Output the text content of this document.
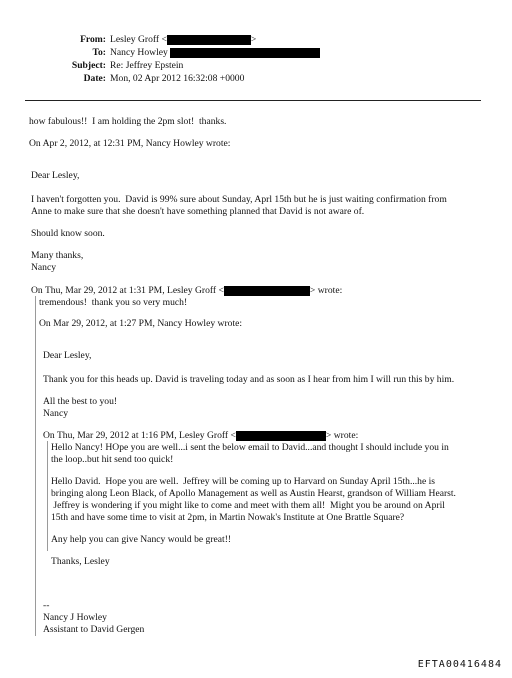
From: Lesley Groff <	>
To: Nancy Howley
Subject: Re: Jeffrey Epstein
Date: Mon, 02 Apr 2012 16:32:08 +0000
how fabulous!!  I am holding the 2pm slot!  thanks.
On Apr 2, 2012, at 12:31 PM, Nancy Howley wrote:
Dear Lesley,
I haven't forgotten you.  David is 99% sure about Sunday, Aprl 15th but he is just waiting confirmation from
Anne to make sure that she doesn't have something planned that David is not aware of.
Should know soon.
Many thanks,
Nancy
On Thu, Mar 29, 2012 at 1:31 PM, Lesley Groff <	> wrote:
tremendous!  thank you so very much!
On Mar 29, 2012, at 1:27 PM, Nancy Howley wrote:
Dear Lesley,
Thank you for this heads up. David is traveling today and as soon as I hear from him I will run this by him.
All the best to you!
Nancy
On Thu, Mar 29, 2012 at 1:16 PM, Lesley Groff <	> wrote:
Hello Nancy! HOpe you are well...i sent the below email to David...and thought I should include you in
the loop..but hit send too quick!
Hello David.  Hope you are well.  Jeffrey will be coming up to Harvard on Sunday April 15th...he is
bringing along Leon Black, of Apollo Management as well as Austin Hearst, grandson of William Hearst.
Jeffrey is wondering if you might like to come and meet with them all!  Might you be around on April
15th and have some time to visit at 2pm, in Martin Nowak's Institute at One Brattle Square?
Any help you can give Nancy would be great!!
Thanks, Lesley
--
Nancy J Howley
Assistant to David Gergen
EFTA00416484
